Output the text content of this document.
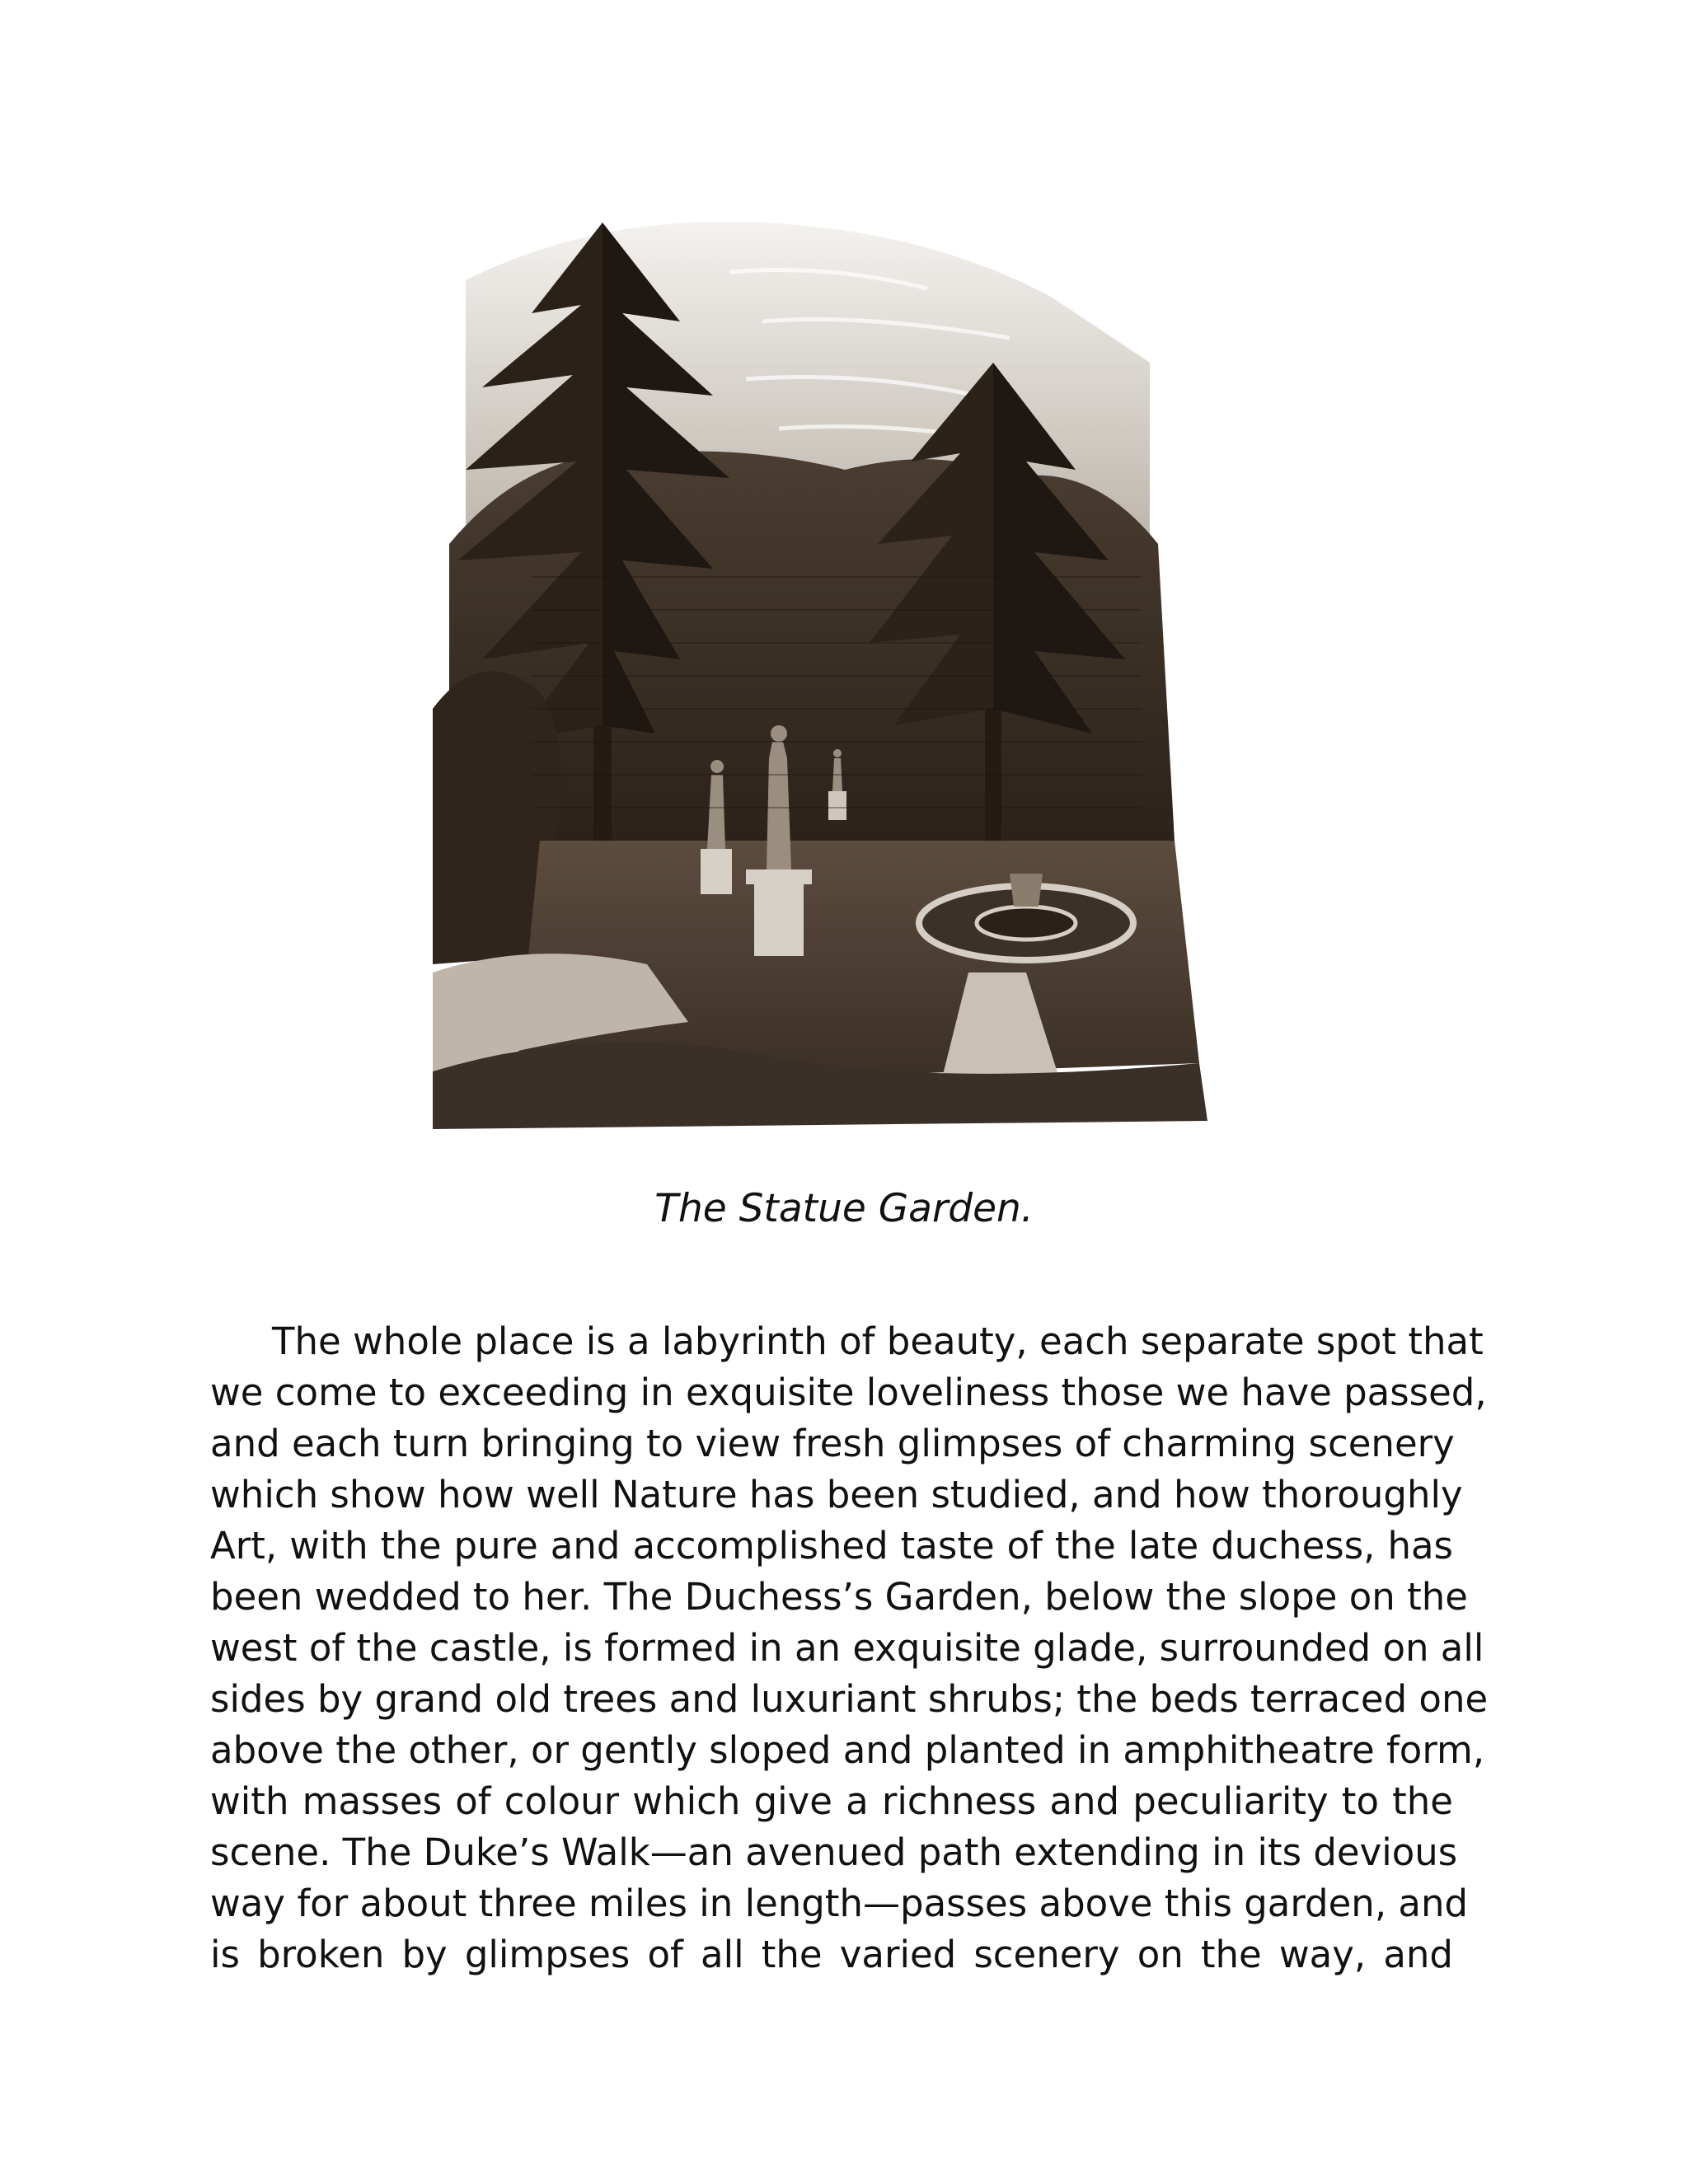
The Statue Garden.
The whole place is a labyrinth of beauty, each separate spot that
we come to exceeding in exquisite loveliness those we have passed,
and each turn bringing to view fresh glimpses of charming scenery
which show how well Nature has been studied, and how thoroughly
Art, with the pure and accomplished taste of the late duchess, has
been wedded to her. The Duchess’s Garden, below the slope on the
west of the castle, is formed in an exquisite glade, surrounded on all
sides by grand old trees and luxuriant shrubs; the beds terraced one
above the other, or gently sloped and planted in amphitheatre form,
with masses of colour which give a richness and peculiarity to the
scene. The Duke’s Walk—an avenued path extending in its devious
way for about three miles in length—passes above this garden, and
is broken by glimpses of all the varied scenery on the way, and
